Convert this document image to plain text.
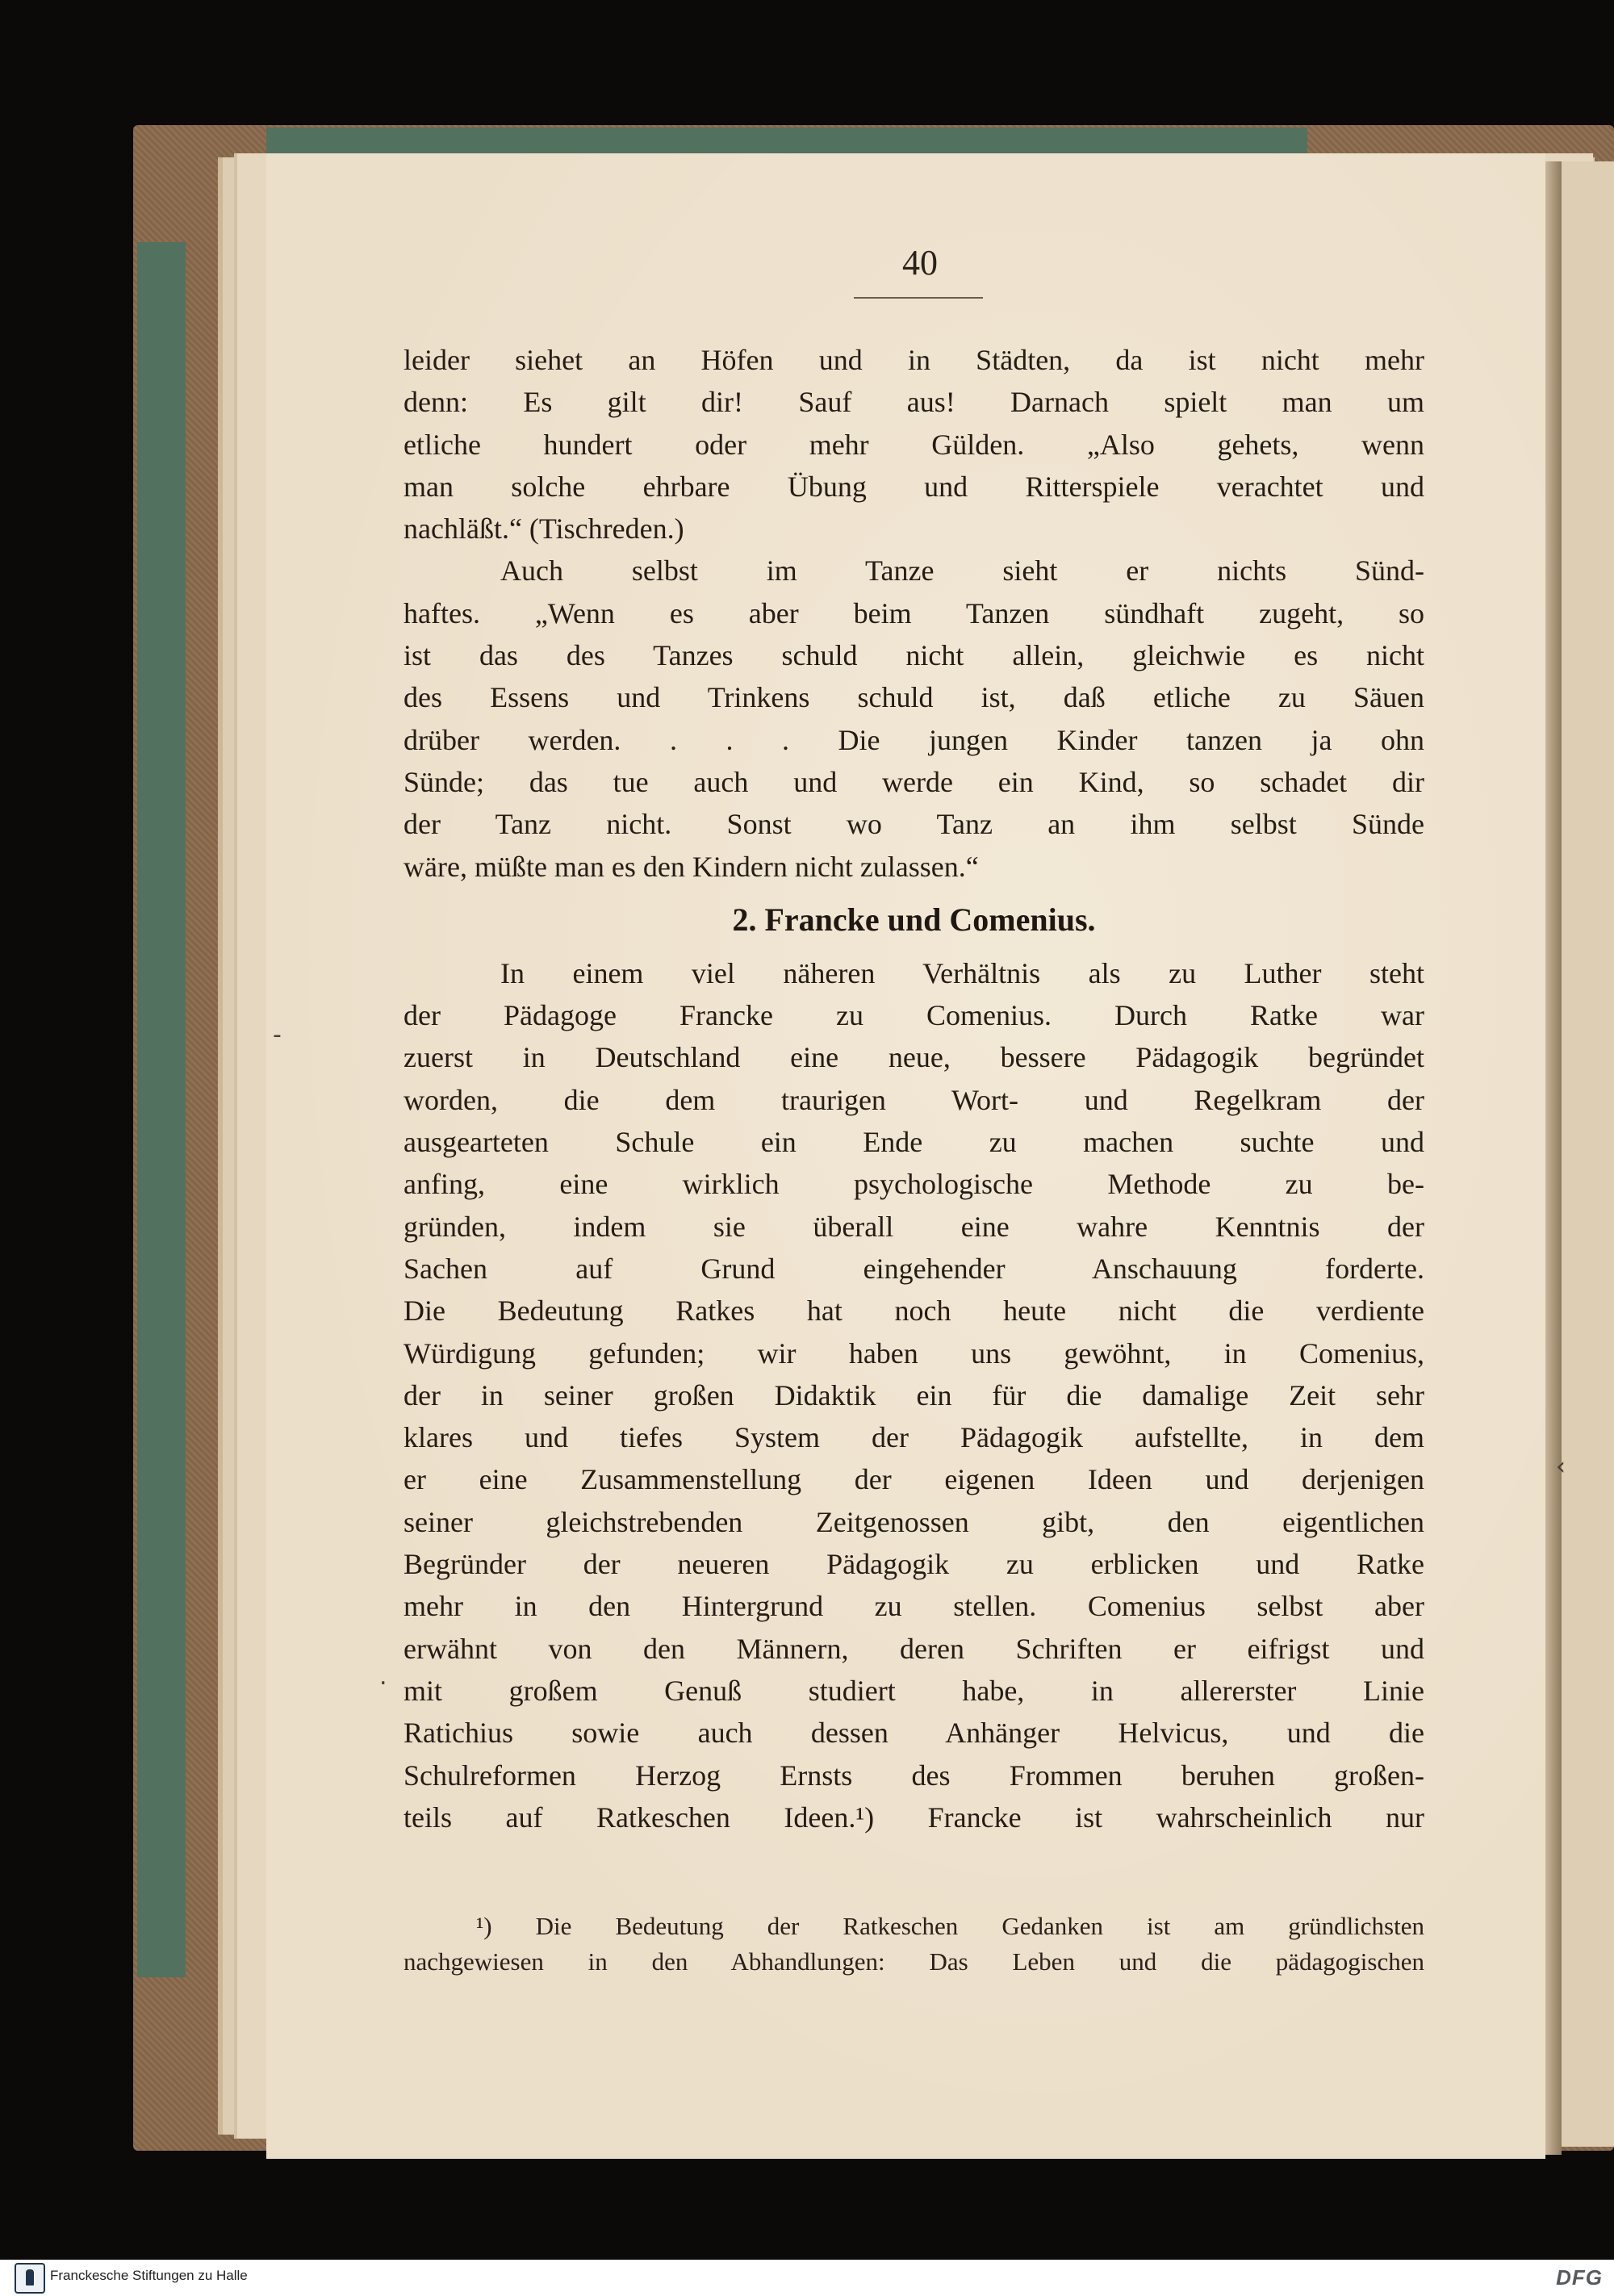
40
leider siehet an Höfen und in Städten, da ist nicht mehr
denn: Es gilt dir! Sauf aus! Darnach spielt man um
etliche hundert oder mehr Gülden. „Also gehets, wenn
man solche ehrbare Übung und Ritterspiele verachtet und
nachläßt.“ (Tischreden.)
Auch selbst im Tanze sieht er nichts Sünd-
haftes. „Wenn es aber beim Tanzen sündhaft zugeht, so
ist das des Tanzes schuld nicht allein, gleichwie es nicht
des Essens und Trinkens schuld ist, daß etliche zu Säuen
drüber werden. . . . Die jungen Kinder tanzen ja ohn
Sünde; das tue auch und werde ein Kind, so schadet dir
der Tanz nicht. Sonst wo Tanz an ihm selbst Sünde
wäre, müßte man es den Kindern nicht zulassen.“
2. Francke und Comenius.
In einem viel näheren Verhältnis als zu Luther steht
der Pädagoge Francke zu Comenius. Durch Ratke war
zuerst in Deutschland eine neue, bessere Pädagogik begründet
worden, die dem traurigen Wort- und Regelkram der
ausgearteten Schule ein Ende zu machen suchte und
anfing, eine wirklich psychologische Methode zu be-
gründen, indem sie überall eine wahre Kenntnis der
Sachen auf Grund eingehender Anschauung forderte.
Die Bedeutung Ratkes hat noch heute nicht die verdiente
Würdigung gefunden; wir haben uns gewöhnt, in Comenius,
der in seiner großen Didaktik ein für die damalige Zeit sehr
klares und tiefes System der Pädagogik aufstellte, in dem
er eine Zusammenstellung der eigenen Ideen und derjenigen
seiner gleichstrebenden Zeitgenossen gibt, den eigentlichen
Begründer der neueren Pädagogik zu erblicken und Ratke
mehr in den Hintergrund zu stellen. Comenius selbst aber
erwähnt von den Männern, deren Schriften er eifrigst und
mit großem Genuß studiert habe, in allererster Linie
Ratichius sowie auch dessen Anhänger Helvicus, und die
Schulreformen Herzog Ernsts des Frommen beruhen großen-
teils auf Ratkeschen Ideen.¹) Francke ist wahrscheinlich nur
¹) Die Bedeutung der Ratkeschen Gedanken ist am gründlichsten
nachgewiesen in den Abhandlungen: Das Leben und die pädagogischen
-
.
‹
Franckesche Stiftungen zu Halle	DFG
